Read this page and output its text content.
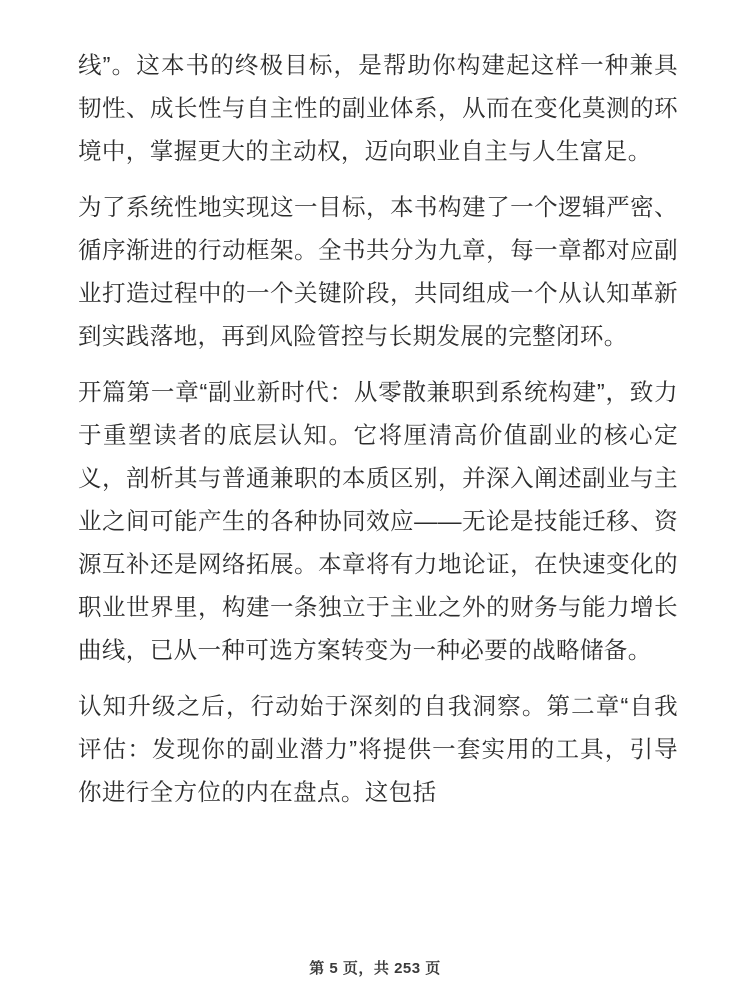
线”。这本书的终极目标，是帮助你构建起这样一种兼具韧性、成长性与自主性的副业体系，从而在变化莫测的环境中，掌握更大的主动权，迈向职业自主与人生富足。

为了系统性地实现这一目标，本书构建了一个逻辑严密、循序渐进的行动框架。全书共分为九章，每一章都对应副业打造过程中的一个关键阶段，共同组成一个从认知革新到实践落地，再到风险管控与长期发展的完整闭环。

开篇第一章“副业新时代：从零散兼职到系统构建”，致力于重塑读者的底层认知。它将厘清高价值副业的核心定义，剖析其与普通兼职的本质区别，并深入阐述副业与主业之间可能产生的各种协同效应——无论是技能迁移、资源互补还是网络拓展。本章将有力地论证，在快速变化的职业世界里，构建一条独立于主业之外的财务与能力增长曲线，已从一种可选方案转变为一种必要的战略储备。

认知升级之后，行动始于深刻的自我洞察。第二章“自我评估：发现你的副业潜力”将提供一套实用的工具，引导你进行全方位的内在盘点。这包括

第 5 页，共 253 页
